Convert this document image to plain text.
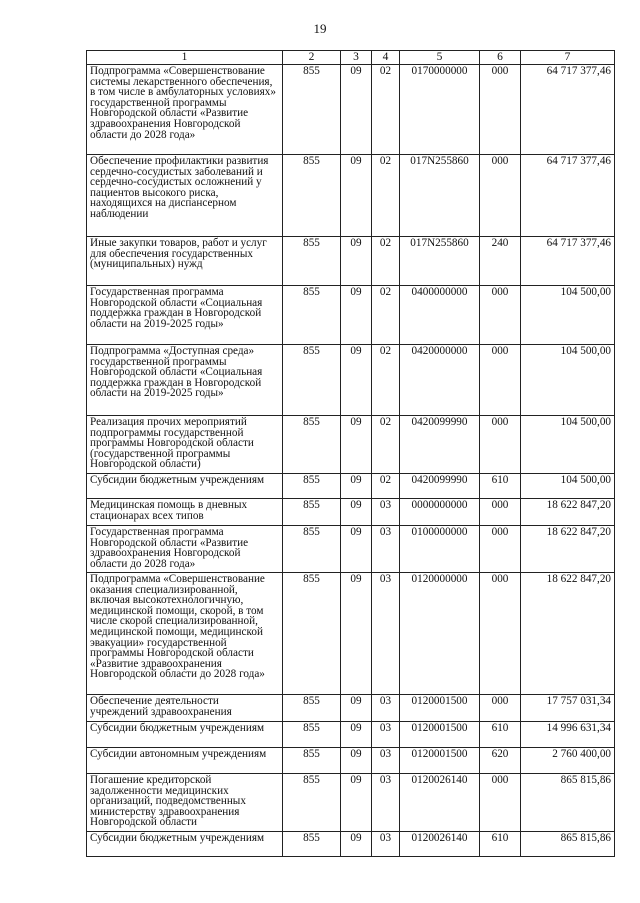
19
1	2	3	4	5	6	7
Подпрограмма «Совершенствование системы лекарственного обеспечения, в том числе в амбулаторных условиях» государственной программы Новгородской области «Развитие здравоохранения Новгородской области до 2028 года»	855	09	02	0170000000	000	64 717 377,46
Обеспечение профилактики развития сердечно-сосудистых заболеваний и сердечно-сосудистых осложнений у пациентов высокого риска, находящихся на диспансерном наблюдении	855	09	02	017N255860	000	64 717 377,46
Иные закупки товаров, работ и услуг для обеспечения государственных (муниципальных) нужд	855	09	02	017N255860	240	64 717 377,46
Государственная программа Новгородской области «Социальная поддержка граждан в Новгородской области на 2019-2025 годы»	855	09	02	0400000000	000	104 500,00
Подпрограмма «Доступная среда» государственной программы Новгородской области «Социальная поддержка граждан в Новгородской области на 2019-2025 годы»	855	09	02	0420000000	000	104 500,00
Реализация прочих мероприятий подпрограммы государственной программы Новгородской области (государственной программы Новгородской области)	855	09	02	0420099990	000	104 500,00
Субсидии бюджетным учреждениям	855	09	02	0420099990	610	104 500,00
Медицинская помощь в дневных стационарах всех типов	855	09	03	0000000000	000	18 622 847,20
Государственная программа Новгородской области «Развитие здравоохранения Новгородской области до 2028 года»	855	09	03	0100000000	000	18 622 847,20
Подпрограмма «Совершенствование оказания специализированной, включая высокотехнологичную, медицинской помощи, скорой, в том числе скорой специализированной, медицинской помощи, медицинской эвакуации» государственной программы Новгородской области «Развитие здравоохранения Новгородской области до 2028 года»	855	09	03	0120000000	000	18 622 847,20
Обеспечение деятельности учреждений здравоохранения	855	09	03	0120001500	000	17 757 031,34
Субсидии бюджетным учреждениям	855	09	03	0120001500	610	14 996 631,34
Субсидии автономным учреждениям	855	09	03	0120001500	620	2 760 400,00
Погашение кредиторской задолженности медицинских организаций, подведомственных министерству здравоохранения Новгородской области	855	09	03	0120026140	000	865 815,86
Субсидии бюджетным учреждениям	855	09	03	0120026140	610	865 815,86
